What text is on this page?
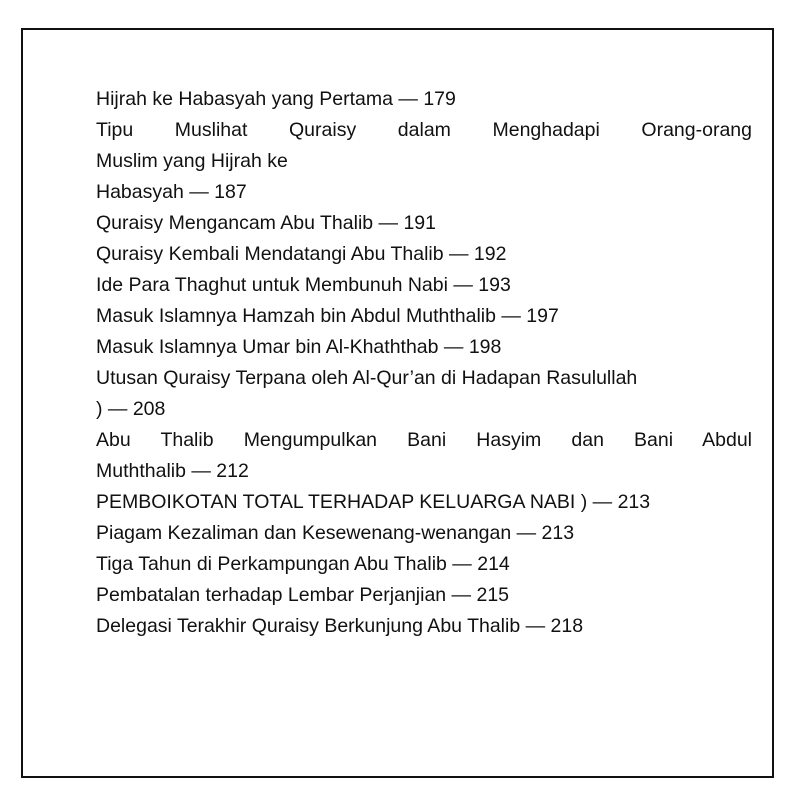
Hijrah ke Habasyah yang Pertama — 179
Tipu Muslihat Quraisy dalam Menghadapi Orang-orang
Muslim yang Hijrah ke
Habasyah — 187
Quraisy Mengancam Abu Thalib — 191
Quraisy Kembali Mendatangi Abu Thalib — 192
Ide Para Thaghut untuk Membunuh Nabi — 193
Masuk Islamnya Hamzah bin Abdul Muththalib — 197
Masuk Islamnya Umar bin Al-Khaththab — 198
Utusan Quraisy Terpana oleh Al-Qur’an di Hadapan Rasulullah
) — 208
Abu Thalib Mengumpulkan Bani Hasyim dan Bani Abdul
Muththalib — 212
PEMBOIKOTAN TOTAL TERHADAP KELUARGA NABI ) — 213
Piagam Kezaliman dan Kesewenang-wenangan — 213
Tiga Tahun di Perkampungan Abu Thalib — 214
Pembatalan terhadap Lembar Perjanjian — 215
Delegasi Terakhir Quraisy Berkunjung Abu Thalib — 218
